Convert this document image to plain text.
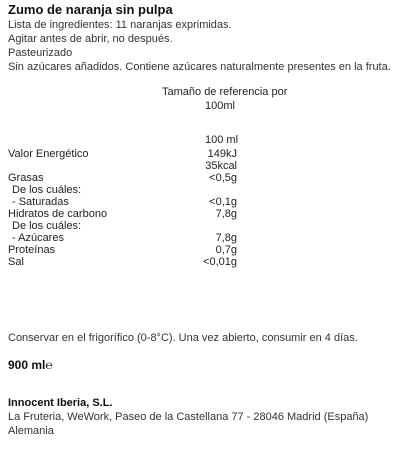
Zumo de naranja sin pulpa
Lista de ingredientes: 11 naranjas exprimidas.
Agitar antes de abrir, no después.
Pasteurizado
Sin azúcares añadidos. Contiene azúcares naturalmente presentes en la fruta.
Tamaño de referencia por
100ml
100 ml
Valor Energético	149kJ
35kcal
Grasas	<0,5g
De los cuáles:
- Saturadas	<0,1g
Hidratos de carbono	7,8g
De los cuáles:
- Azúcares	7,8g
Proteínas	0,7g
Sal	<0,01g
Conservar en el frigorífico (0-8°C). Una vez abierto, consumir en 4 días.
900 ml℮
Innocent Iberia, S.L.
La Fruteria, WeWork, Paseo de la Castellana 77 - 28046 Madrid (España)
Alemania
